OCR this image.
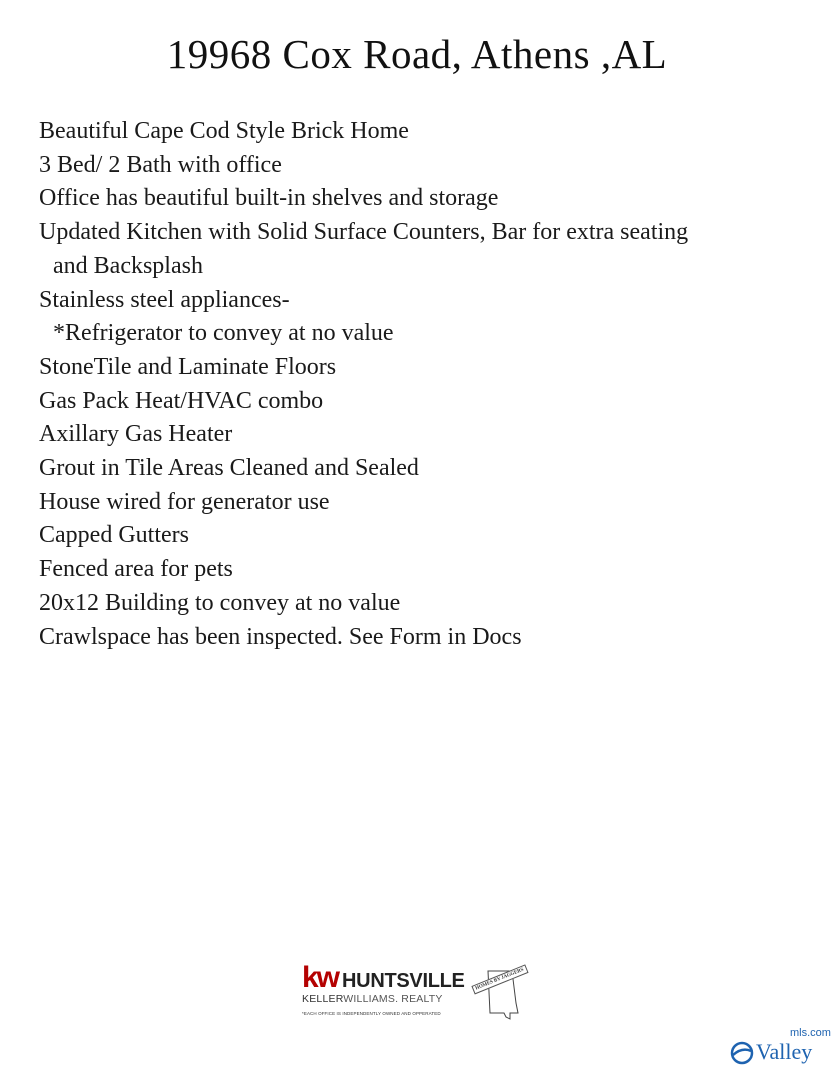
19968 Cox Road, Athens ,AL
Beautiful Cape Cod Style Brick Home
3 Bed/ 2 Bath with office
Office has beautiful built-in shelves and storage
Updated Kitchen with Solid Surface Counters, Bar for extra seating
and Backsplash
Stainless steel appliances-
*Refrigerator to convey at no value
StoneTile and Laminate Floors
Gas Pack Heat/HVAC combo
Axillary Gas Heater
Grout in Tile Areas Cleaned and Sealed
House wired for generator use
Capped Gutters
Fenced area for pets
20x12 Building to convey at no value
Crawlspace has been inspected. See Form in Docs
kw HUNTSVILLE
KELLERWILLIAMS. REALTY
*EACH OFFICE IS INDEPENDENTLY OWNED AND OPPERATED
HOMES BY JAGGERS
Valley
mls.com
